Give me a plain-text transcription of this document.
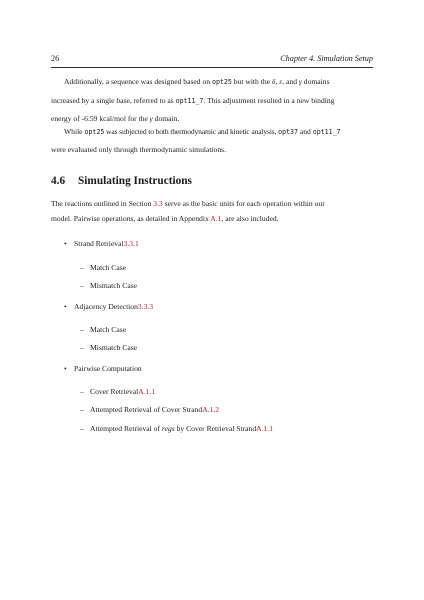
26	Chapter 4. Simulation Setup
Additionally, a sequence was designed based on opt25 but with the δ, ε, and γ domains
increased by a single base, referred to as opt11_7. This adjustment resulted in a new binding
energy of -6.59 kcal/mol for the γ domain.
While opt25 was subjected to both thermodynamic and kinetic analysis, opt37 and opt11_7
were evaluated only through thermodynamic simulations.
4.6 Simulating Instructions
The reactions outlined in Section 3.3 serve as the basic units for each operation within our
model. Pairwise operations, as detailed in Appendix A.1, are also included.
• Strand Retrieval3.3.1
– Match Case
– Mismatch Case
• Adjacency Detection3.3.3
– Match Case
– Mismatch Case
• Pairwise Computation
– Cover RetrievalA.1.1
– Attempted Retrieval of Cover StrandA.1.2
– Attempted Retrieval of regs by Cover Retrieval StrandA.1.1
